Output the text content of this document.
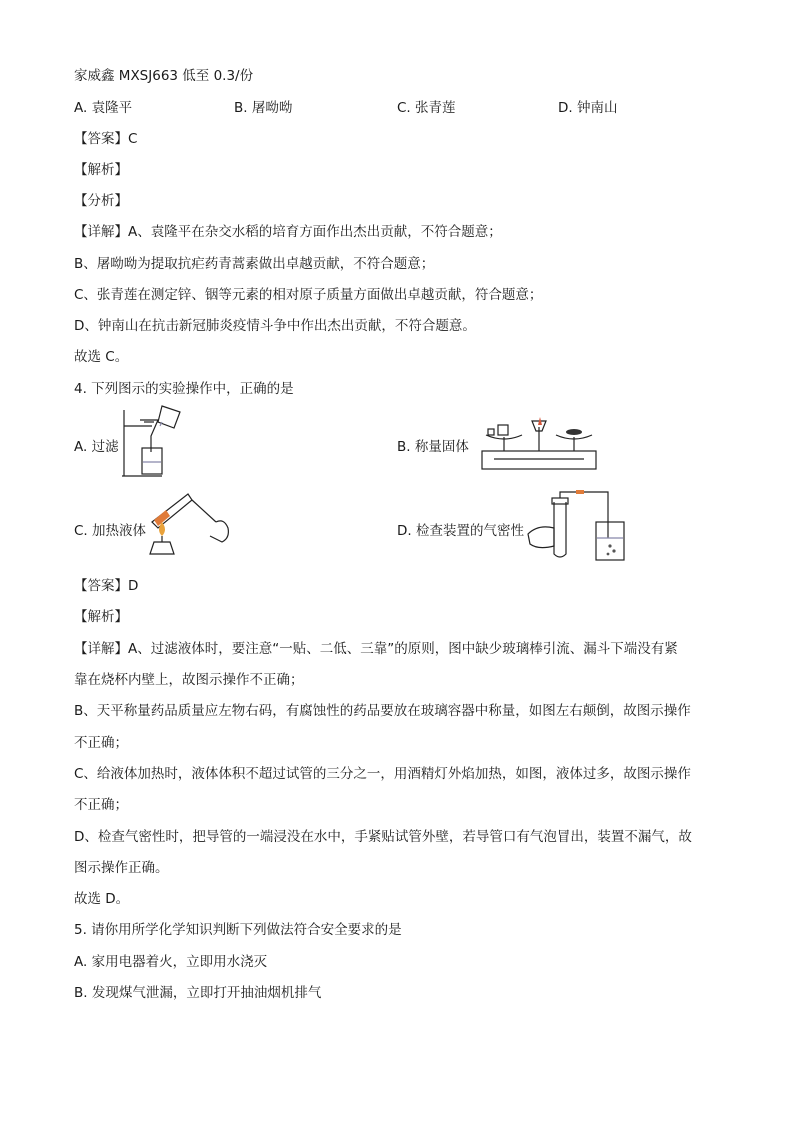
家威鑫 MXSJ663 低至 0.3/份
A. 袁隆平	B. 屠呦呦	C. 张青莲	D. 钟南山
【答案】C
【解析】
【分析】
【详解】A、袁隆平在杂交水稻的培育方面作出杰出贡献，不符合题意；
B、屠呦呦为提取抗疟药青蒿素做出卓越贡献，不符合题意；
C、张青莲在测定锌、铟等元素的相对原子质量方面做出卓越贡献，符合题意；
D、钟南山在抗击新冠肺炎疫情斗争中作出杰出贡献，不符合题意。
故选 C。
4. 下列图示的实验操作中，正确的是
A. 过滤	B. 称量固体
C. 加热液体	D. 检查装置的气密性
【答案】D
【解析】
【详解】A、过滤液体时，要注意“一贴、二低、三靠”的原则，图中缺少玻璃棒引流、漏斗下端没有紧
靠在烧杯内壁上，故图示操作不正确；
B、天平称量药品质量应左物右码，有腐蚀性的药品要放在玻璃容器中称量，如图左右颠倒，故图示操作
不正确；
C、给液体加热时，液体体积不超过试管的三分之一，用酒精灯外焰加热，如图，液体过多，故图示操作
不正确；
D、检查气密性时，把导管的一端浸没在水中，手紧贴试管外壁，若导管口有气泡冒出，装置不漏气，故
图示操作正确。
故选 D。
5. 请你用所学化学知识判断下列做法符合安全要求的是
A. 家用电器着火，立即用水浇灭
B. 发现煤气泄漏，立即打开抽油烟机排气
